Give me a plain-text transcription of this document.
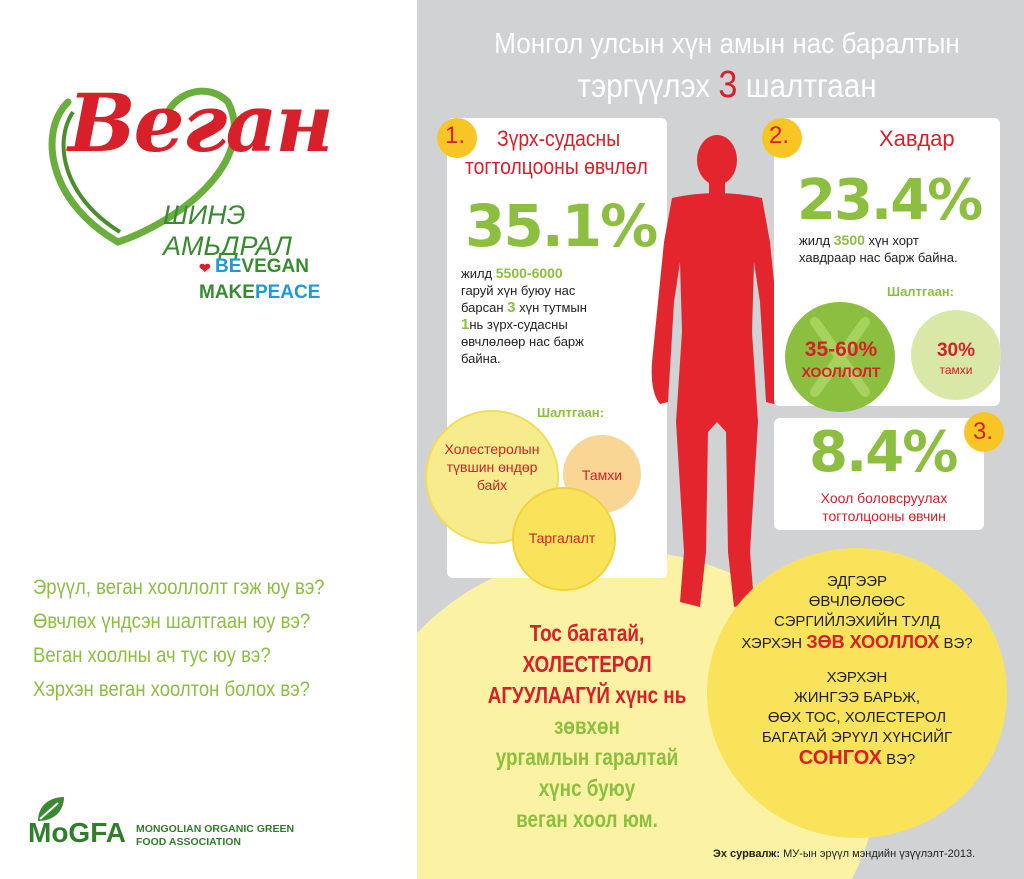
Веган
ШИНЭ АМЬДРАЛ
❤ BEVEGAN
MAKEPEACE
Эрүүл, веган хооллолт гэж юу вэ?
Өвчлөх үндсэн шалтгаан юу вэ?
Веган хоолны ач тус юу вэ?
Хэрхэн веган хоолтон болох вэ?
MoGFA MONGOLIAN ORGANIC GREEN
FOOD ASSOCIATION
Монгол улсын хүн амын нас баралтын
тэргүүлэх 3 шалтгаан
1. Зүрх-судасны
тогтолцооны өвчлөл
35.1%
жилд 5500-6000
гаруй хүн буюу нас
барсан 3 хүн тутмын
1нь зүрх-судасны
өвчлөлөөр нас барж
байна.
Шалтгаан:
Холестеролын түвшин өндөр байх
Тамхи
Таргалалт
2.	Хавдар
23.4%
жилд 3500 хүн хорт хавдраар нас барж байна.
Шалтгаан:
35-60%
ХООЛЛОЛТ
30%
тамхи
3.
8.4%
Хоол боловсруулах
тогтолцооны өвчин
Тос багатай,
ХОЛЕСТЕРОЛ
АГУУЛААГҮЙ хүнс нь
зөвхөн
ургамлын гаралтай
хүнс буюу
веган хоол юм.
ЭДГЭЭР
ӨВЧЛӨЛӨӨС
СЭРГИЙЛЭХИЙН ТУЛД
ХЭРХЭН ЗӨВ ХООЛЛОХ ВЭ?
ХЭРХЭН
ЖИНГЭЭ БАРЬЖ,
ӨӨХ ТОС, ХОЛЕСТЕРОЛ
БАГАТАЙ ЭРҮҮЛ ХҮНСИЙГ
СОНГОХ ВЭ?
Эх сурвалж: МУ-ын эрүүл мэндийн үзүүлэлт-2013.
